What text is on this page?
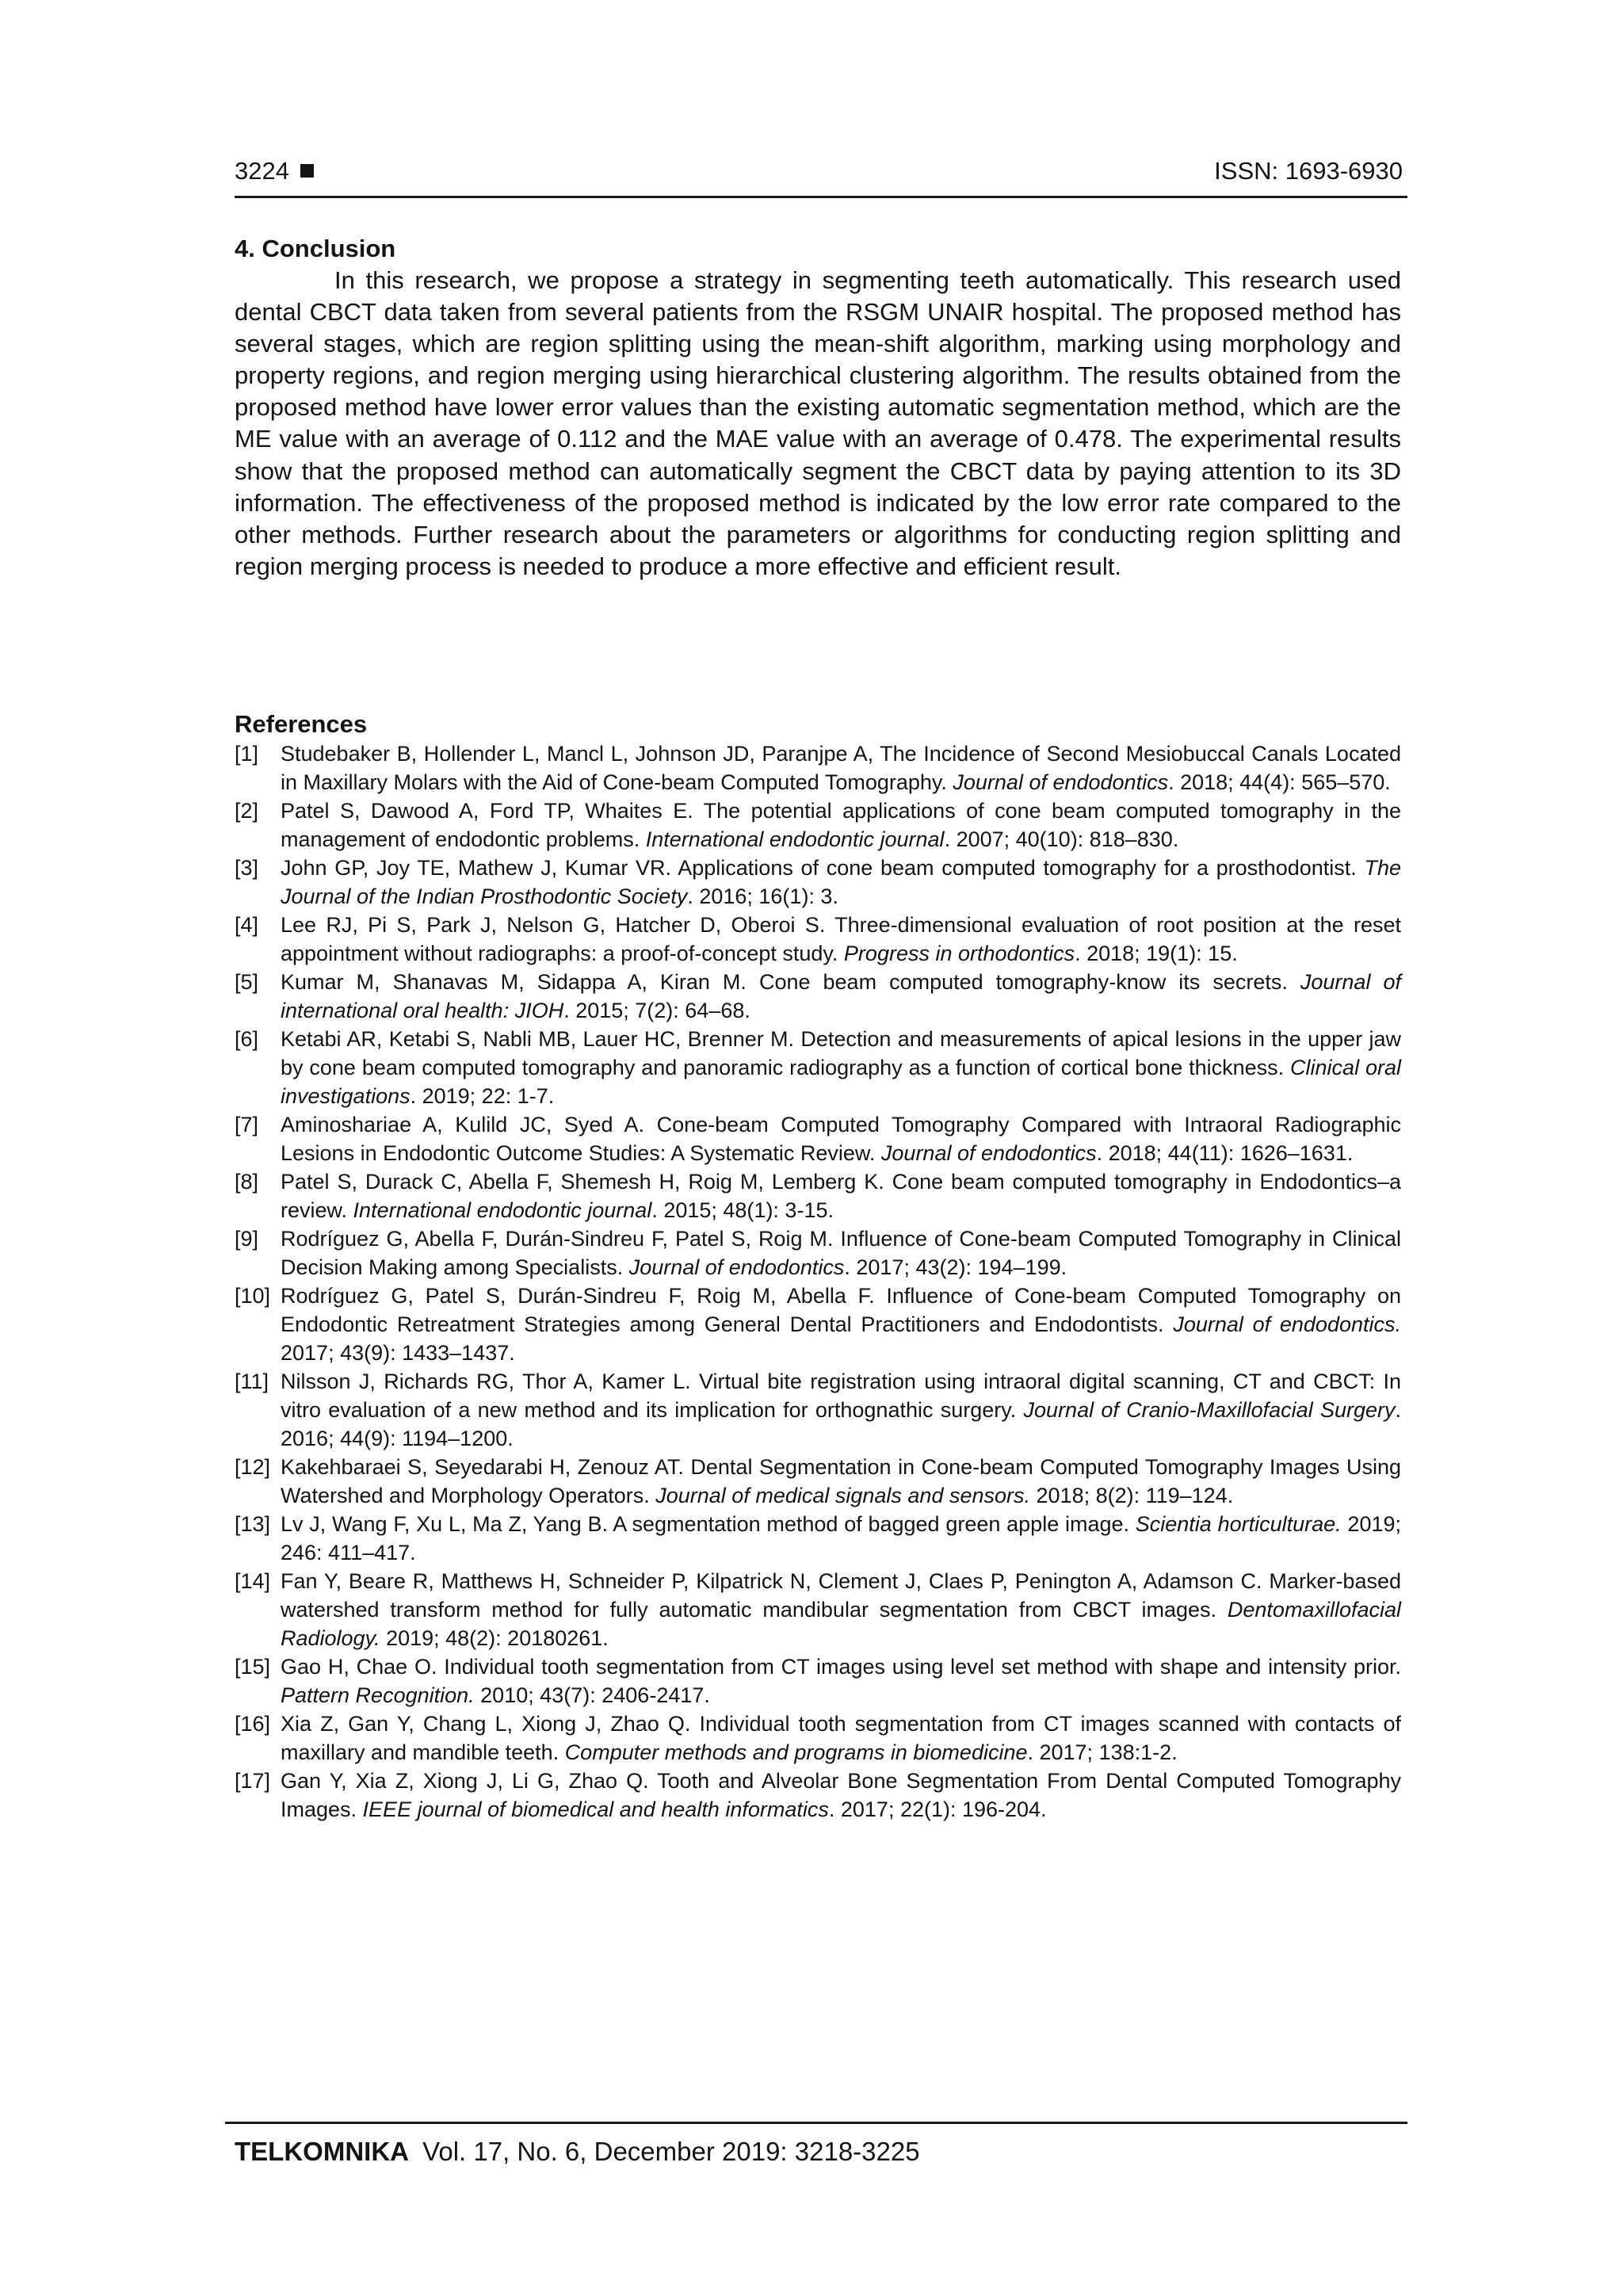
3224	ISSN: 1693-6930
4. Conclusion

In this research, we propose a strategy in segmenting teeth automatically. This research used dental CBCT data taken from several patients from the RSGM UNAIR hospital. The proposed method has several stages, which are region splitting using the mean-shift algorithm, marking using morphology and property regions, and region merging using hierarchical clustering algorithm. The results obtained from the proposed method have lower error values than the existing automatic segmentation method, which are the ME value with an average of 0.112 and the MAE value with an average of 0.478. The experimental results show that the proposed method can automatically segment the CBCT data by paying attention to its 3D information. The effectiveness of the proposed method is indicated by the low error rate compared to the other methods. Further research about the parameters or algorithms for conducting region splitting and region merging process is needed to produce a more effective and efficient result.

References
[1] Studebaker B, Hollender L, Mancl L, Johnson JD, Paranjpe A, The Incidence of Second Mesiobuccal Canals Located in Maxillary Molars with the Aid of Cone-beam Computed Tomography. Journal of endodontics. 2018; 44(4): 565–570.
[2] Patel S, Dawood A, Ford TP, Whaites E. The potential applications of cone beam computed tomography in the management of endodontic problems. International endodontic journal. 2007; 40(10): 818–830.
[3] John GP, Joy TE, Mathew J, Kumar VR. Applications of cone beam computed tomography for a prosthodontist. The Journal of the Indian Prosthodontic Society. 2016; 16(1): 3.
[4] Lee RJ, Pi S, Park J, Nelson G, Hatcher D, Oberoi S. Three-dimensional evaluation of root position at the reset appointment without radiographs: a proof-of-concept study. Progress in orthodontics. 2018; 19(1): 15.
[5] Kumar M, Shanavas M, Sidappa A, Kiran M. Cone beam computed tomography-know its secrets. Journal of international oral health: JIOH. 2015; 7(2): 64–68.
[6] Ketabi AR, Ketabi S, Nabli MB, Lauer HC, Brenner M. Detection and measurements of apical lesions in the upper jaw by cone beam computed tomography and panoramic radiography as a function of cortical bone thickness. Clinical oral investigations. 2019; 22: 1-7.
[7] Aminoshariae A, Kulild JC, Syed A. Cone-beam Computed Tomography Compared with Intraoral Radiographic Lesions in Endodontic Outcome Studies: A Systematic Review. Journal of endodontics. 2018; 44(11): 1626–1631.
[8] Patel S, Durack C, Abella F, Shemesh H, Roig M, Lemberg K. Cone beam computed tomography in Endodontics–a review. International endodontic journal. 2015; 48(1): 3-15.
[9] Rodríguez G, Abella F, Durán-Sindreu F, Patel S, Roig M. Influence of Cone-beam Computed Tomography in Clinical Decision Making among Specialists. Journal of endodontics. 2017; 43(2): 194–199.
[10] Rodríguez G, Patel S, Durán-Sindreu F, Roig M, Abella F. Influence of Cone-beam Computed Tomography on Endodontic Retreatment Strategies among General Dental Practitioners and Endodontists. Journal of endodontics. 2017; 43(9): 1433–1437.
[11] Nilsson J, Richards RG, Thor A, Kamer L. Virtual bite registration using intraoral digital scanning, CT and CBCT: In vitro evaluation of a new method and its implication for orthognathic surgery. Journal of Cranio-Maxillofacial Surgery. 2016; 44(9): 1194–1200.
[12] Kakehbaraei S, Seyedarabi H, Zenouz AT. Dental Segmentation in Cone-beam Computed Tomography Images Using Watershed and Morphology Operators. Journal of medical signals and sensors. 2018; 8(2): 119–124.
[13] Lv J, Wang F, Xu L, Ma Z, Yang B. A segmentation method of bagged green apple image. Scientia horticulturae. 2019; 246: 411–417.
[14] Fan Y, Beare R, Matthews H, Schneider P, Kilpatrick N, Clement J, Claes P, Penington A, Adamson C. Marker-based watershed transform method for fully automatic mandibular segmentation from CBCT images. Dentomaxillofacial Radiology. 2019; 48(2): 20180261.
[15] Gao H, Chae O. Individual tooth segmentation from CT images using level set method with shape and intensity prior. Pattern Recognition. 2010; 43(7): 2406-2417.
[16] Xia Z, Gan Y, Chang L, Xiong J, Zhao Q. Individual tooth segmentation from CT images scanned with contacts of maxillary and mandible teeth. Computer methods and programs in biomedicine. 2017; 138:1-2.
[17] Gan Y, Xia Z, Xiong J, Li G, Zhao Q. Tooth and Alveolar Bone Segmentation From Dental Computed Tomography Images. IEEE journal of biomedical and health informatics. 2017; 22(1): 196-204.
TELKOMNIKA Vol. 17, No. 6, December 2019: 3218-3225
